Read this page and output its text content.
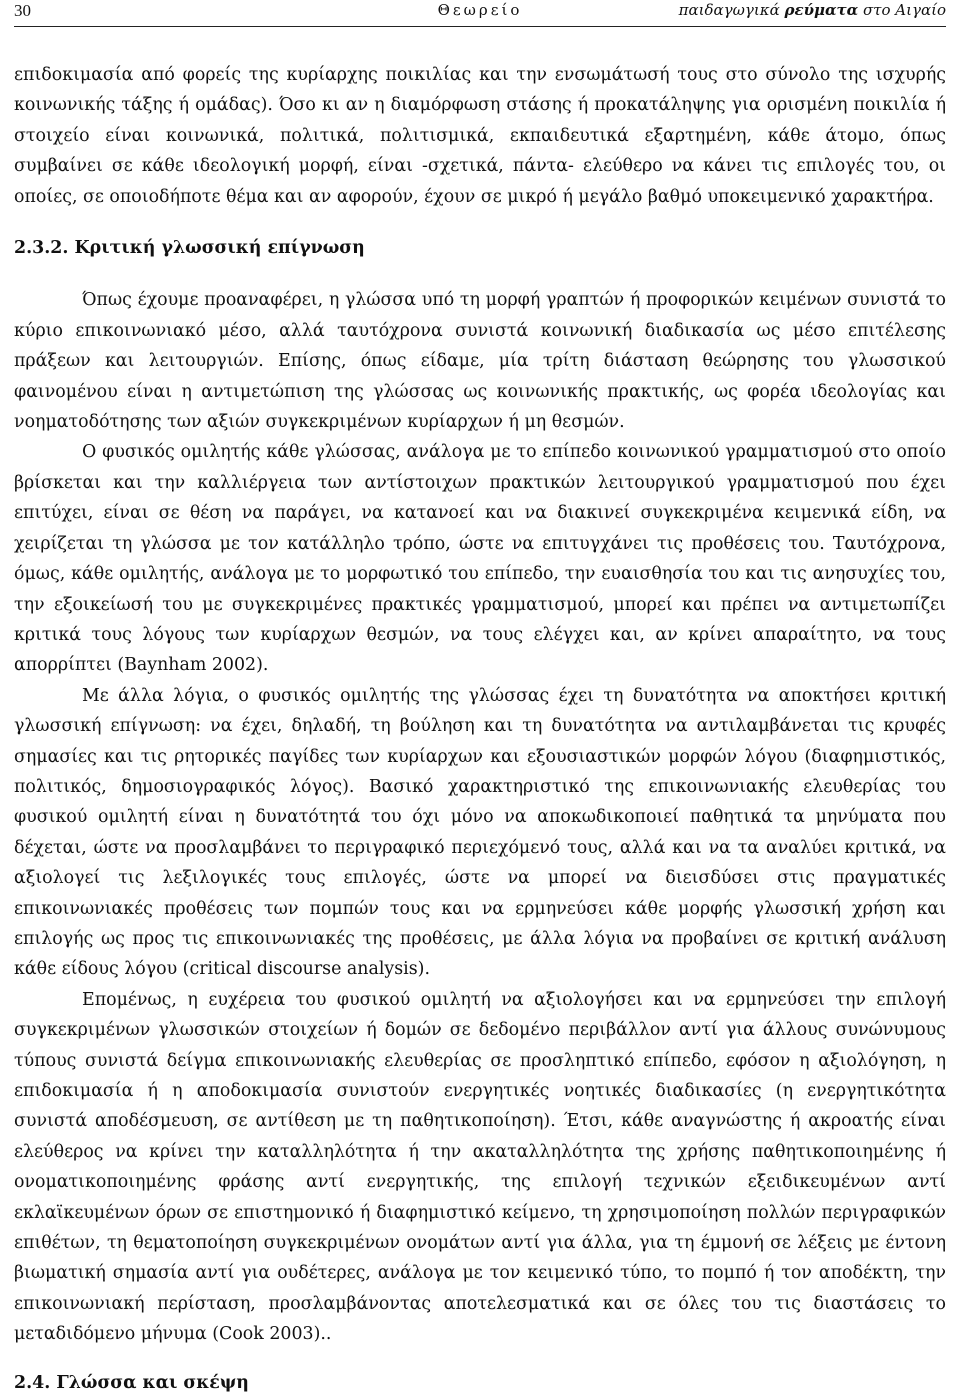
30	Θεωρείο	παιδαγωγικά ρεύματα στο Αιγαίο

επιδοκιμασία από φορείς της κυρίαρχης ποικιλίας και την ενσωμάτωσή τους στο σύνολο της ισχυρής κοινωνικής τάξης ή ομάδας). Όσο κι αν η διαμόρφωση στάσης ή προκατάληψης για ορισμένη ποικιλία ή στοιχείο είναι κοινωνικά, πολιτικά, πολιτισμικά, εκπαιδευτικά εξαρτημένη, κάθε άτομο, όπως συμβαίνει σε κάθε ιδεολογική μορφή, είναι -σχετικά, πάντα- ελεύθερο να κάνει τις επιλογές του, οι οποίες, σε οποιοδήποτε θέμα και αν αφορούν, έχουν σε μικρό ή μεγάλο βαθμό υποκειμενικό χαρακτήρα.

2.3.2. Κριτική γλωσσική επίγνωση

Όπως έχουμε προαναφέρει, η γλώσσα υπό τη μορφή γραπτών ή προφορικών κειμένων συνιστά το κύριο επικοινωνιακό μέσο, αλλά ταυτόχρονα συνιστά κοινωνική διαδικασία ως μέσο επιτέλεσης πράξεων και λειτουργιών. Επίσης, όπως είδαμε, μία τρίτη διάσταση θεώρησης του γλωσσικού φαινομένου είναι η αντιμετώπιση της γλώσσας ως κοινωνικής πρακτικής, ως φορέα ιδεολογίας και νοηματοδότησης των αξιών συγκεκριμένων κυρίαρχων ή μη θεσμών.

Ο φυσικός ομιλητής κάθε γλώσσας, ανάλογα με το επίπεδο κοινωνικού γραμματισμού στο οποίο βρίσκεται και την καλλιέργεια των αντίστοιχων πρακτικών λειτουργικού γραμματισμού που έχει επιτύχει, είναι σε θέση να παράγει, να κατανοεί και να διακινεί συγκεκριμένα κειμενικά είδη, να χειρίζεται τη γλώσσα με τον κατάλληλο τρόπο, ώστε να επιτυγχάνει τις προθέσεις του. Ταυτόχρονα, όμως, κάθε ομιλητής, ανάλογα με το μορφωτικό του επίπεδο, την ευαισθησία του και τις ανησυχίες του, την εξοικείωσή του με συγκεκριμένες πρακτικές γραμματισμού, μπορεί και πρέπει να αντιμετωπίζει κριτικά τους λόγους των κυρίαρχων θεσμών, να τους ελέγχει και, αν κρίνει απαραίτητο, να τους απορρίπτει (Baynham 2002).

Με άλλα λόγια, ο φυσικός ομιλητής της γλώσσας έχει τη δυνατότητα να αποκτήσει κριτική γλωσσική επίγνωση: να έχει, δηλαδή, τη βούληση και τη δυνατότητα να αντιλαμβάνεται τις κρυφές σημασίες και τις ρητορικές παγίδες των κυρίαρχων και εξουσιαστικών μορφών λόγου (διαφημιστικός, πολιτικός, δημοσιογραφικός λόγος). Βασικό χαρακτηριστικό της επικοινωνιακής ελευθερίας του φυσικού ομιλητή είναι η δυνατότητά του όχι μόνο να αποκωδικοποιεί παθητικά τα μηνύματα που δέχεται, ώστε να προσλαμβάνει το περιγραφικό περιεχόμενό τους, αλλά και να τα αναλύει κριτικά, να αξιολογεί τις λεξιλογικές τους επιλογές, ώστε να μπορεί να διεισδύσει στις πραγματικές επικοινωνιακές προθέσεις των πομπών τους και να ερμηνεύσει κάθε μορφής γλωσσική χρήση και επιλογής ως προς τις επικοινωνιακές της προθέσεις, με άλλα λόγια να προβαίνει σε κριτική ανάλυση κάθε είδους λόγου (critical discourse analysis).

Επομένως, η ευχέρεια του φυσικού ομιλητή να αξιολογήσει και να ερμηνεύσει την επιλογή συγκεκριμένων γλωσσικών στοιχείων ή δομών σε δεδομένο περιβάλλον αντί για άλλους συνώνυμους τύπους συνιστά δείγμα επικοινωνιακής ελευθερίας σε προσληπτικό επίπεδο, εφόσον η αξιολόγηση, η επιδοκιμασία ή η αποδοκιμασία συνιστούν ενεργητικές νοητικές διαδικασίες (η ενεργητικότητα συνιστά αποδέσμευση, σε αντίθεση με τη παθητικοποίηση). Έτσι, κάθε αναγνώστης ή ακροατής είναι ελεύθερος να κρίνει την καταλληλότητα ή την ακαταλληλότητα της χρήσης παθητικοποιημένης ή ονοματικοποιημένης φράσης αντί ενεργητικής, της επιλογή τεχνικών εξειδικευμένων αντί εκλαϊκευμένων όρων σε επιστημονικό ή διαφημιστικό κείμενο, τη χρησιμοποίηση πολλών περιγραφικών επιθέτων, τη θεματοποίηση συγκεκριμένων ονομάτων αντί για άλλα, για τη έμμονή σε λέξεις με έντονη βιωματική σημασία αντί για ουδέτερες, ανάλογα με τον κειμενικό τύπο, το πομπό ή τον αποδέκτη, την επικοινωνιακή περίσταση, προσλαμβάνοντας αποτελεσματικά και σε όλες του τις διαστάσεις το μεταδιδόμενο μήνυμα (Cook 2003)..

2.4. Γλώσσα και σκέψη
